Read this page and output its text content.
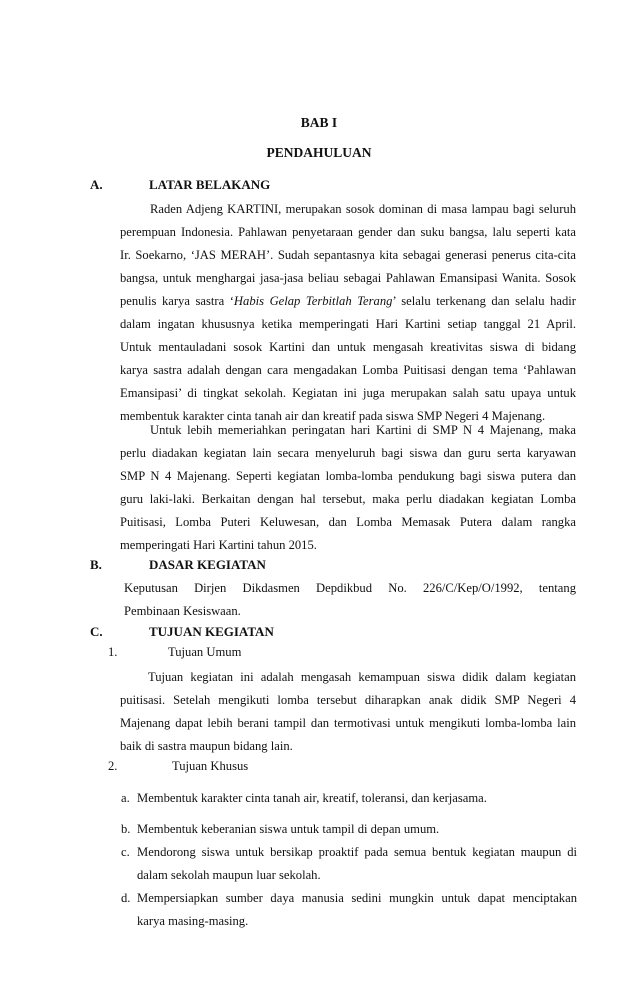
BAB I
PENDAHULUAN
A.	LATAR BELAKANG
Raden Adjeng KARTINI, merupakan sosok dominan di masa lampau bagi seluruh
perempuan Indonesia. Pahlawan penyetaraan gender dan suku bangsa, lalu seperti kata
Ir. Soekarno, ‘JAS MERAH’. Sudah sepantasnya kita sebagai generasi penerus cita-cita
bangsa, untuk menghargai jasa-jasa beliau sebagai Pahlawan Emansipasi Wanita. Sosok
penulis karya sastra ‘Habis Gelap Terbitlah Terang’ selalu terkenang dan selalu hadir
dalam ingatan khususnya ketika memperingati Hari Kartini setiap tanggal 21 April.
Untuk mentauladani sosok Kartini dan untuk mengasah kreativitas siswa di bidang
karya sastra adalah dengan cara mengadakan Lomba Puitisasi dengan tema ‘Pahlawan
Emansipasi’ di tingkat sekolah. Kegiatan ini juga merupakan salah satu upaya untuk
membentuk karakter cinta tanah air dan kreatif pada siswa SMP Negeri 4 Majenang.
Untuk lebih memeriahkan peringatan hari Kartini di SMP N 4 Majenang, maka
perlu diadakan kegiatan lain secara menyeluruh bagi siswa dan guru serta karyawan
SMP N 4 Majenang. Seperti kegiatan lomba-lomba pendukung bagi siswa putera dan
guru laki-laki. Berkaitan dengan hal tersebut, maka perlu diadakan kegiatan Lomba
Puitisasi, Lomba Puteri Keluwesan, dan Lomba Memasak Putera dalam rangka
memperingati Hari Kartini tahun 2015.
B.	DASAR KEGIATAN
Keputusan Dirjen Dikdasmen Depdikbud No. 226/C/Kep/O/1992, tentang
Pembinaan Kesiswaan.
C.	TUJUAN KEGIATAN
1.	Tujuan Umum
Tujuan kegiatan ini adalah mengasah kemampuan siswa didik dalam kegiatan
puitisasi. Setelah mengikuti lomba tersebut diharapkan anak didik SMP Negeri 4
Majenang dapat lebih berani tampil dan termotivasi untuk mengikuti lomba-lomba lain
baik di sastra maupun bidang lain.
2.	Tujuan Khusus
a. Membentuk karakter cinta tanah air, kreatif, toleransi, dan kerjasama.
b. Membentuk keberanian siswa untuk tampil di depan umum.
c. Mendorong siswa untuk bersikap proaktif pada semua bentuk kegiatan maupun di
dalam sekolah maupun luar sekolah.
d. Mempersiapkan sumber daya manusia sedini mungkin untuk dapat menciptakan
karya masing-masing.
